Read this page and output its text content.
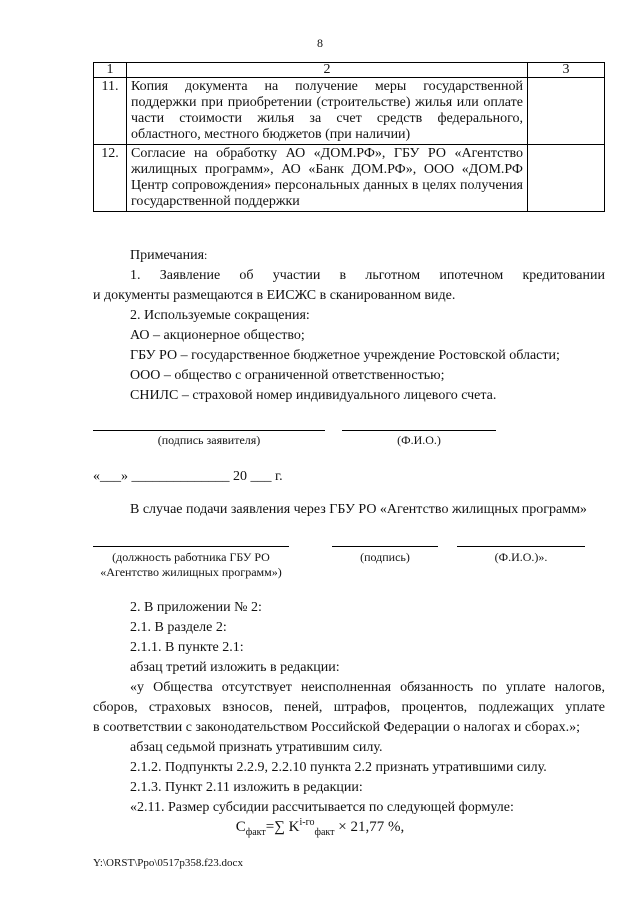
8
1	2	3
11.	Копия документа на получение меры государственной поддержки при приобретении (строительстве) жилья или оплате части стоимости жилья за счет средств федерального, областного, местного бюджетов (при наличии)	

12.	Согласие на обработку АО «ДОМ.РФ», ГБУ РО «Агентство жилищных программ», АО «Банк ДОМ.РФ», ООО «ДОМ.РФ Центр сопровождения» персональных данных в целях получения государственной поддержки	

Примечания:
1. Заявление об участии в льготном ипотечном кредитовании
и документы размещаются в ЕИСЖС в сканированном виде.
2. Используемые сокращения:
АО – акционерное общество;
ГБУ РО – государственное бюджетное учреждение Ростовской области;
ООО – общество с ограниченной ответственностью;
СНИЛС – страховой номер индивидуального лицевого счета.
(подпись заявителя)	(Ф.И.О.)
«___» ______________ 20 ___ г.
В случае подачи заявления через ГБУ РО «Агентство жилищных программ»
(должность работника ГБУ РО
«Агентство жилищных программ»)
(подпись)	(Ф.И.О.)».
2. В приложении № 2:
2.1. В разделе 2:
2.1.1. В пункте 2.1:
абзац третий изложить в редакции:
«у Общества отсутствует неисполненная обязанность по уплате налогов,
сборов, страховых взносов, пеней, штрафов, процентов, подлежащих уплате
в соответствии с законодательством Российской Федерации о налогах и сборах.»;
абзац седьмой признать утратившим силу.
2.1.2. Подпункты 2.2.9, 2.2.10 пункта 2.2 признать утратившими силу.
2.1.3. Пункт 2.11 изложить в редакции:
«2.11. Размер субсидии рассчитывается по следующей формуле:
$С_{факт}=\sum$ $K^{i-го}_{факт} \times 21,77$ %,
Y:\ORST\Ppo\0517p358.f23.docx
